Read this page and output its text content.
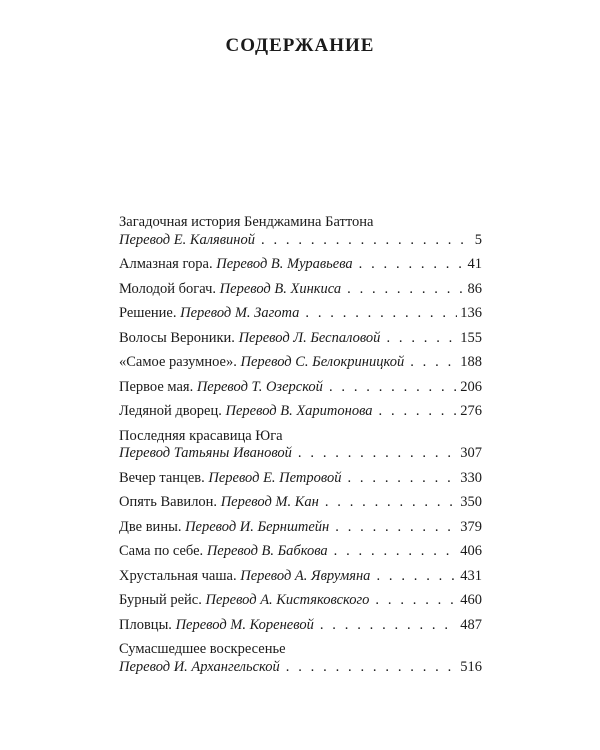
СОДЕРЖАНИЕ
Загадочная история Бенджамина Баттона
Перевод Е. Калявиной . . .	5
Алмазная гора. Перевод В. Муравьева . . .	41
Молодой богач. Перевод В. Хинкиса . . .	86
Решение. Перевод М. Загота . . .	136
Волосы Вероники. Перевод Л. Беспаловой . . .	155
«Самое разумное». Перевод С. Белокриницкой . . .	188
Первое мая. Перевод Т. Озерской . . .	206
Ледяной дворец. Перевод В. Харитонова . . .	276
Последняя красавица Юга
Перевод Татьяны Ивановой . . .	307
Вечер танцев. Перевод Е. Петровой . . .	330
Опять Вавилон. Перевод М. Кан . . .	350
Две вины. Перевод И. Бернштейн . . .	379
Сама по себе. Перевод В. Бабкова . . .	406
Хрустальная чаша. Перевод А. Яврумяна . . .	431
Бурный рейс. Перевод А. Кистяковского . . .	460
Пловцы. Перевод М. Кореневой . . .	487
Сумасшедшее воскресенье
Перевод И. Архангельской . . .	516
